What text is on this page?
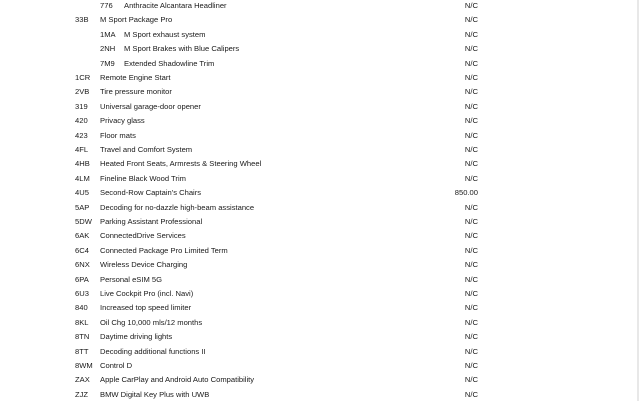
776 Anthracite Alcantara Headliner	N/C
33B M Sport Package Pro	N/C
1MA M Sport exhaust system	N/C
2NH M Sport Brakes with Blue Calipers	N/C
7M9 Extended Shadowline Trim	N/C
1CR Remote Engine Start	N/C
2VB Tire pressure monitor	N/C
319 Universal garage-door opener	N/C
420 Privacy glass	N/C
423 Floor mats	N/C
4FL Travel and Comfort System	N/C
4HB Heated Front Seats, Armrests & Steering Wheel	N/C
4LM Fineline Black Wood Trim	N/C
4U5 Second-Row Captain's Chairs	850.00
5AP Decoding for no-dazzle high-beam assistance	N/C
5DW Parking Assistant Professional	N/C
6AK ConnectedDrive Services	N/C
6C4 Connected Package Pro Limited Term	N/C
6NX Wireless Device Charging	N/C
6PA Personal eSIM 5G	N/C
6U3 Live Cockpit Pro (incl. Navi)	N/C
840 Increased top speed limiter	N/C
8KL Oil Chg 10,000 mls/12 months	N/C
8TN Daytime driving lights	N/C
8TT Decoding additional functions II	N/C
8WM Control D	N/C
ZAX Apple CarPlay and Android Auto Compatibility	N/C
ZJZ BMW Digital Key Plus with UWB	N/C
